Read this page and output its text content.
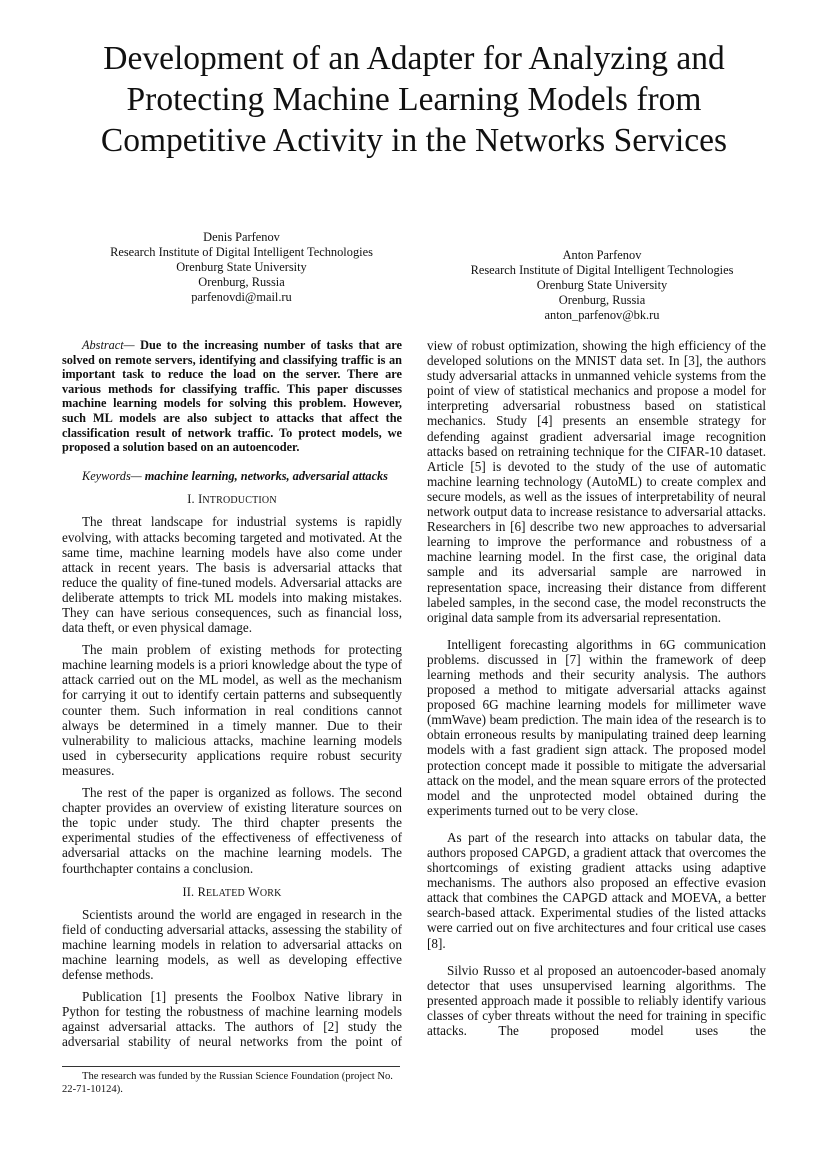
Development of an Adapter for Analyzing and
Protecting Machine Learning Models from
Competitive Activity in the Networks Services
Denis Parfenov
Research Institute of Digital Intelligent Technologies
Orenburg State University
Orenburg, Russia
parfenovdi@mail.ru
Anton Parfenov
Research Institute of Digital Intelligent Technologies
Orenburg State University
Orenburg, Russia
anton_parfenov@bk.ru

Abstract— Due to the increasing number of tasks that are solved on remote servers, identifying and classifying traffic is an important task to reduce the load on the server. There are various methods for classifying traffic. This paper discusses machine learning models for solving this problem. However, such ML models are also subject to attacks that affect the classification result of network traffic. To protect models, we proposed a solution based on an autoencoder.

Keywords— machine learning, networks, adversarial attacks

I. INTRODUCTION

The threat landscape for industrial systems is rapidly evolving, with attacks becoming targeted and motivated. At the same time, machine learning models have also come under attack in recent years. The basis is adversarial attacks that reduce the quality of fine-tuned models. Adversarial attacks are deliberate attempts to trick ML models into making mistakes. They can have serious consequences, such as financial loss, data theft, or even physical damage.

The main problem of existing methods for protecting machine learning models is a priori knowledge about the type of attack carried out on the ML model, as well as the mechanism for carrying it out to identify certain patterns and subsequently counter them. Such information in real conditions cannot always be determined in a timely manner. Due to their vulnerability to malicious attacks, machine learning models used in cybersecurity applications require robust security measures.

The rest of the paper is organized as follows. The second chapter provides an overview of existing literature sources on the topic under study. The third chapter presents the experimental studies of the effectiveness of effectiveness of adversarial attacks on the machine learning models. The fourthchapter contains a conclusion.

II. RELATED WORK

Scientists around the world are engaged in research in the field of conducting adversarial attacks, assessing the stability of machine learning models in relation to adversarial attacks on machine learning models, as well as developing effective defense methods.

Publication [1] presents the Foolbox Native library in Python for testing the robustness of machine learning models against adversarial attacks. The authors of [2] study the adversarial stability of neural networks from the point of

view of robust optimization, showing the high efficiency of the developed solutions on the MNIST data set. In [3], the authors study adversarial attacks in unmanned vehicle systems from the point of view of statistical mechanics and propose a model for interpreting adversarial robustness based on statistical mechanics. Study [4] presents an ensemble strategy for defending against gradient adversarial image recognition attacks based on retraining technique for the CIFAR-10 dataset. Article [5] is devoted to the study of the use of automatic machine learning technology (AutoML) to create complex and secure models, as well as the issues of interpretability of neural network output data to increase resistance to adversarial attacks. Researchers in [6] describe two new approaches to adversarial learning to improve the performance and robustness of a machine learning model. In the first case, the original data sample and its adversarial sample are narrowed in representation space, increasing their distance from different labeled samples, in the second case, the model reconstructs the original data sample from its adversarial representation.

Intelligent forecasting algorithms in 6G communication problems. discussed in [7] within the framework of deep learning methods and their security analysis. The authors proposed a method to mitigate adversarial attacks against proposed 6G machine learning models for millimeter wave (mmWave) beam prediction. The main idea of the research is to obtain erroneous results by manipulating trained deep learning models with a fast gradient sign attack. The proposed model protection concept made it possible to mitigate the adversarial attack on the model, and the mean square errors of the protected model and the unprotected model obtained during the experiments turned out to be very close.

As part of the research into attacks on tabular data, the authors proposed CAPGD, a gradient attack that overcomes the shortcomings of existing gradient attacks using adaptive mechanisms. The authors also proposed an effective evasion attack that combines the CAPGD attack and MOEVA, a better search-based attack. Experimental studies of the listed attacks were carried out on five architectures and four critical use cases [8].

Silvio Russo et al proposed an autoencoder-based anomaly detector that uses unsupervised learning algorithms. The presented approach made it possible to reliably identify various classes of cyber threats without the need for training in specific attacks. The proposed model uses the

The research was funded by the Russian Science Foundation (project No. 22-71-10124).
